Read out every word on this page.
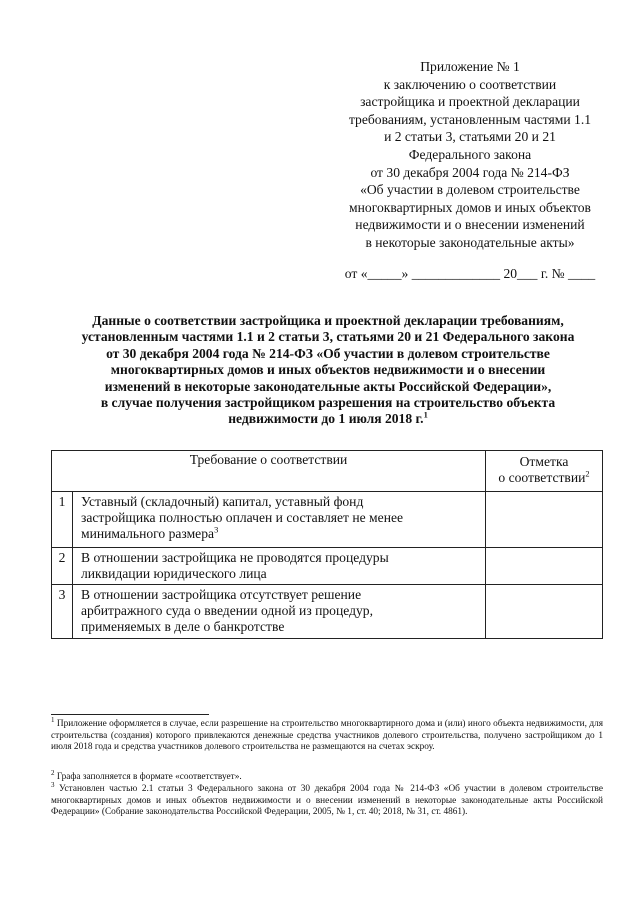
Приложение № 1
к заключению о соответствии
застройщика и проектной декларации
требованиям, установленным частями 1.1
и 2 статьи 3, статьями 20 и 21
Федерального закона
от 30 декабря 2004 года № 214-ФЗ
«Об участии в долевом строительстве
многоквартирных домов и иных объектов
недвижимости и о внесении изменений
в некоторые законодательные акты»
от «_____» _____________ 20___ г. № ____
Данные о соответствии застройщика и проектной декларации требованиям,
установленным частями 1.1 и 2 статьи 3, статьями 20 и 21 Федерального закона
от 30 декабря 2004 года № 214-ФЗ «Об участии в долевом строительстве
многоквартирных домов и иных объектов недвижимости и о внесении
изменений в некоторые законодательные акты Российской Федерации»,
в случае получения застройщиком разрешения на строительство объекта
недвижимости до 1 июля 2018 г.$^1$
Требование о соответствии		Отметка
о соответствии$^2$
1	Уставный (складочный) капитал, уставный фонд
застройщика полностью оплачен и составляет не менее
минимального размера$^3$	
2	В отношении застройщика не проводятся процедуры
ликвидации юридического лица	
3	В отношении застройщика отсутствует решение
арбитражного суда о введении одной из процедур,
применяемых в деле о банкротстве	
$^1$ Приложение оформляется в случае, если разрешение на строительство многоквартирного дома и (или) иного объекта недвижимости, для строительства (создания) которого привлекаются денежные средства участников долевого строительства, получено застройщиком до 1 июля 2018 года и средства участников долевого строительства не размещаются на счетах эскроу.
$^2$ Графа заполняется в формате «соответствует».
$^3$ Установлен частью 2.1 статьи 3 Федерального закона от 30 декабря 2004 года № 214-ФЗ «Об участии в долевом строительстве многоквартирных домов и иных объектов недвижимости и о внесении изменений в некоторые законодательные акты Российской Федерации» (Собрание законодательства Российской Федерации, 2005, № 1, ст. 40; 2018, № 31, ст. 4861).
